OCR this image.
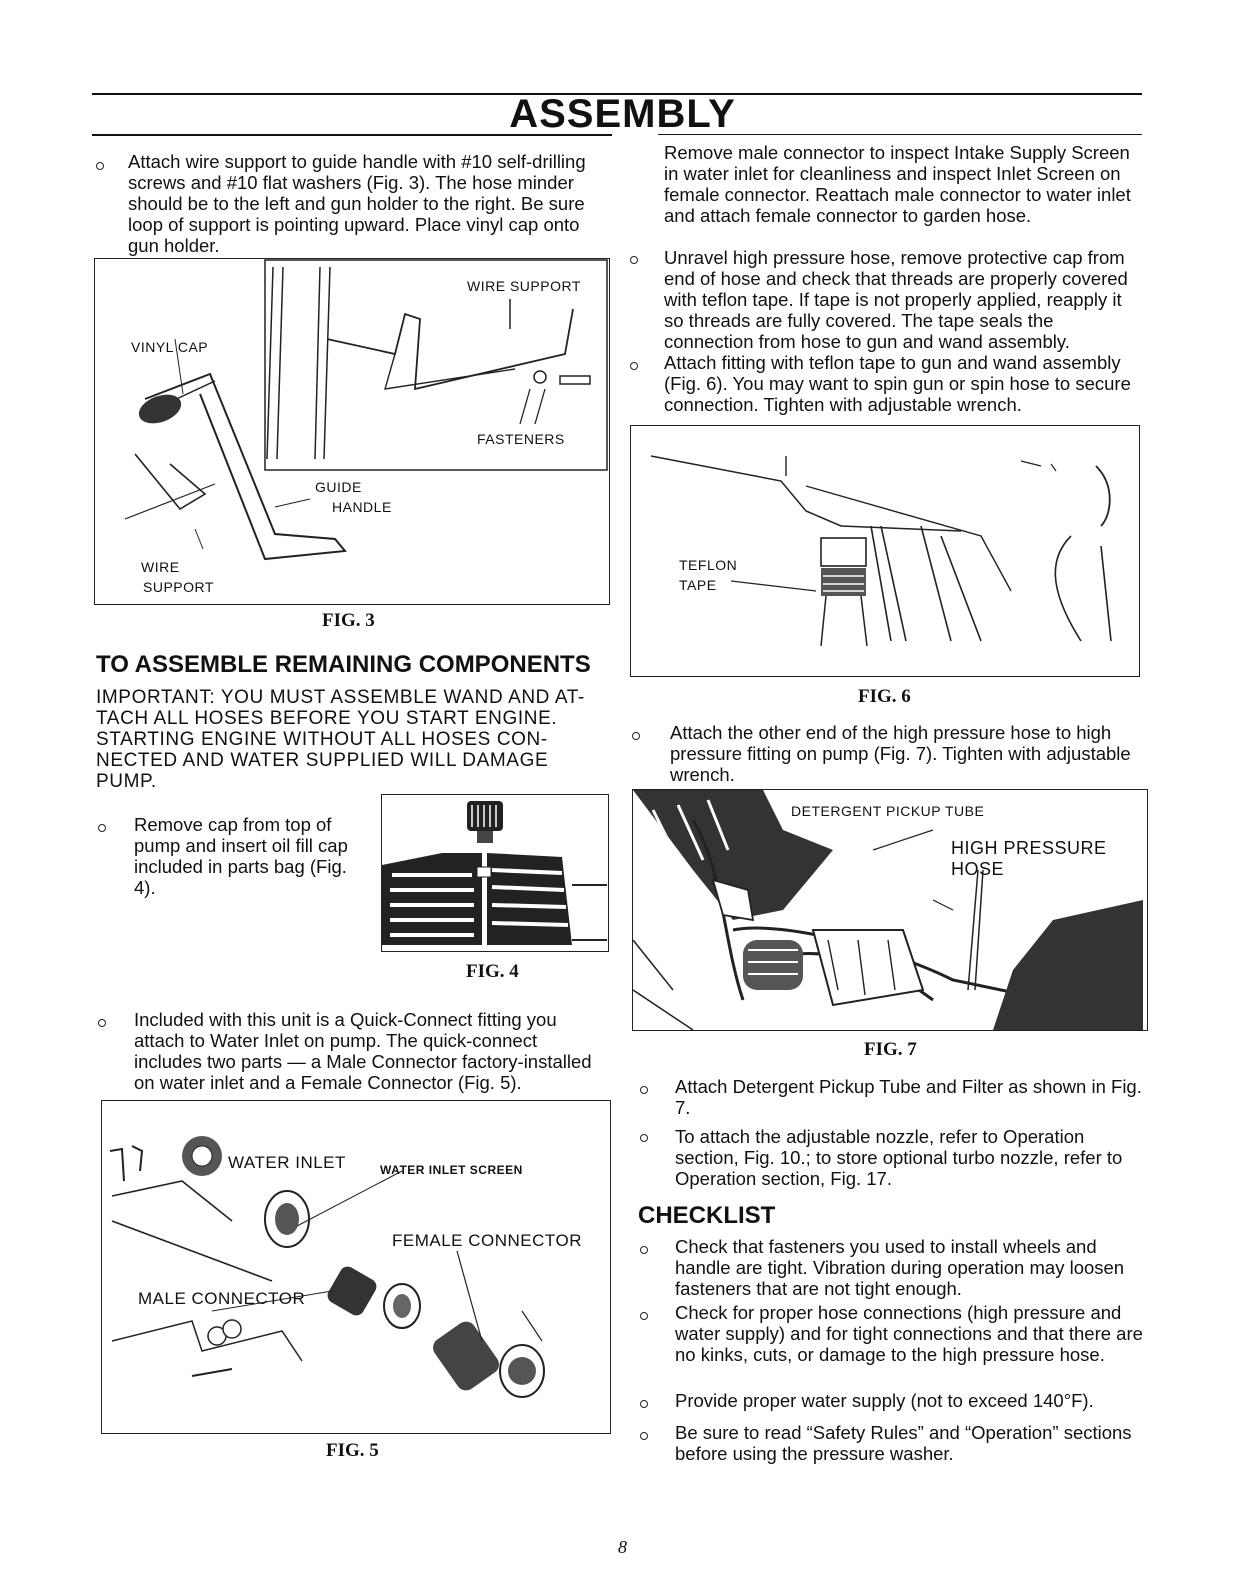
ASSEMBLY

Attach wire support to guide handle with #10 self-drilling screws and #10 flat washers (Fig. 3). The hose minder should be to the left and gun holder to the right. Be sure loop of support is pointing upward. Place vinyl cap onto gun holder.

VINYL CAP
WIRE SUPPORT
FASTENERS
GUIDE
HANDLE
WIRE
SUPPORT
FIG. 3
TO ASSEMBLE REMAINING COMPONENTS
IMPORTANT: YOU MUST ASSEMBLE WAND AND AT-
TACH ALL HOSES BEFORE YOU START ENGINE.
STARTING ENGINE WITHOUT ALL HOSES CON-
NECTED AND WATER SUPPLIED WILL DAMAGE
PUMP.

Remove cap from top of pump and insert oil fill cap included in parts bag (Fig. 4).

FIG. 4

Included with this unit is a Quick-Connect fitting you attach to Water Inlet on pump. The quick-connect includes two parts — a Male Connector factory-installed on water inlet and a Female Connector (Fig. 5).

WATER INLET	WATER INLET SCREEN
FEMALE CONNECTOR
MALE CONNECTOR
FIG. 5

Remove male connector to inspect Intake Supply Screen in water inlet for cleanliness and inspect Inlet Screen on female connector. Reattach male connector to water inlet and attach female connector to garden hose.

Unravel high pressure hose, remove protective cap from end of hose and check that threads are properly covered with teflon tape. If tape is not properly applied, reapply it so threads are fully covered. The tape seals the connection from hose to gun and wand assembly.

Attach fitting with teflon tape to gun and wand assembly (Fig. 6). You may want to spin gun or spin hose to secure connection. Tighten with adjustable wrench.

TEFLON
TAPE
FIG. 6

Attach the other end of the high pressure hose to high pressure fitting on pump (Fig. 7). Tighten with adjustable wrench.

DETERGENT PICKUP TUBE
HIGH PRESSURE
HOSE
FIG. 7

Attach Detergent Pickup Tube and Filter as shown in Fig. 7.

To attach the adjustable nozzle, refer to Operation section, Fig. 10.; to store optional turbo nozzle, refer to Operation section, Fig. 17.

CHECKLIST

Check that fasteners you used to install wheels and handle are tight. Vibration during operation may loosen fasteners that are not tight enough.

Check for proper hose connections (high pressure and water supply) and for tight connections and that there are no kinks, cuts, or damage to the high pressure hose.

Provide proper water supply (not to exceed 140°F).

Be sure to read “Safety Rules” and “Operation” sections before using the pressure washer.

8
